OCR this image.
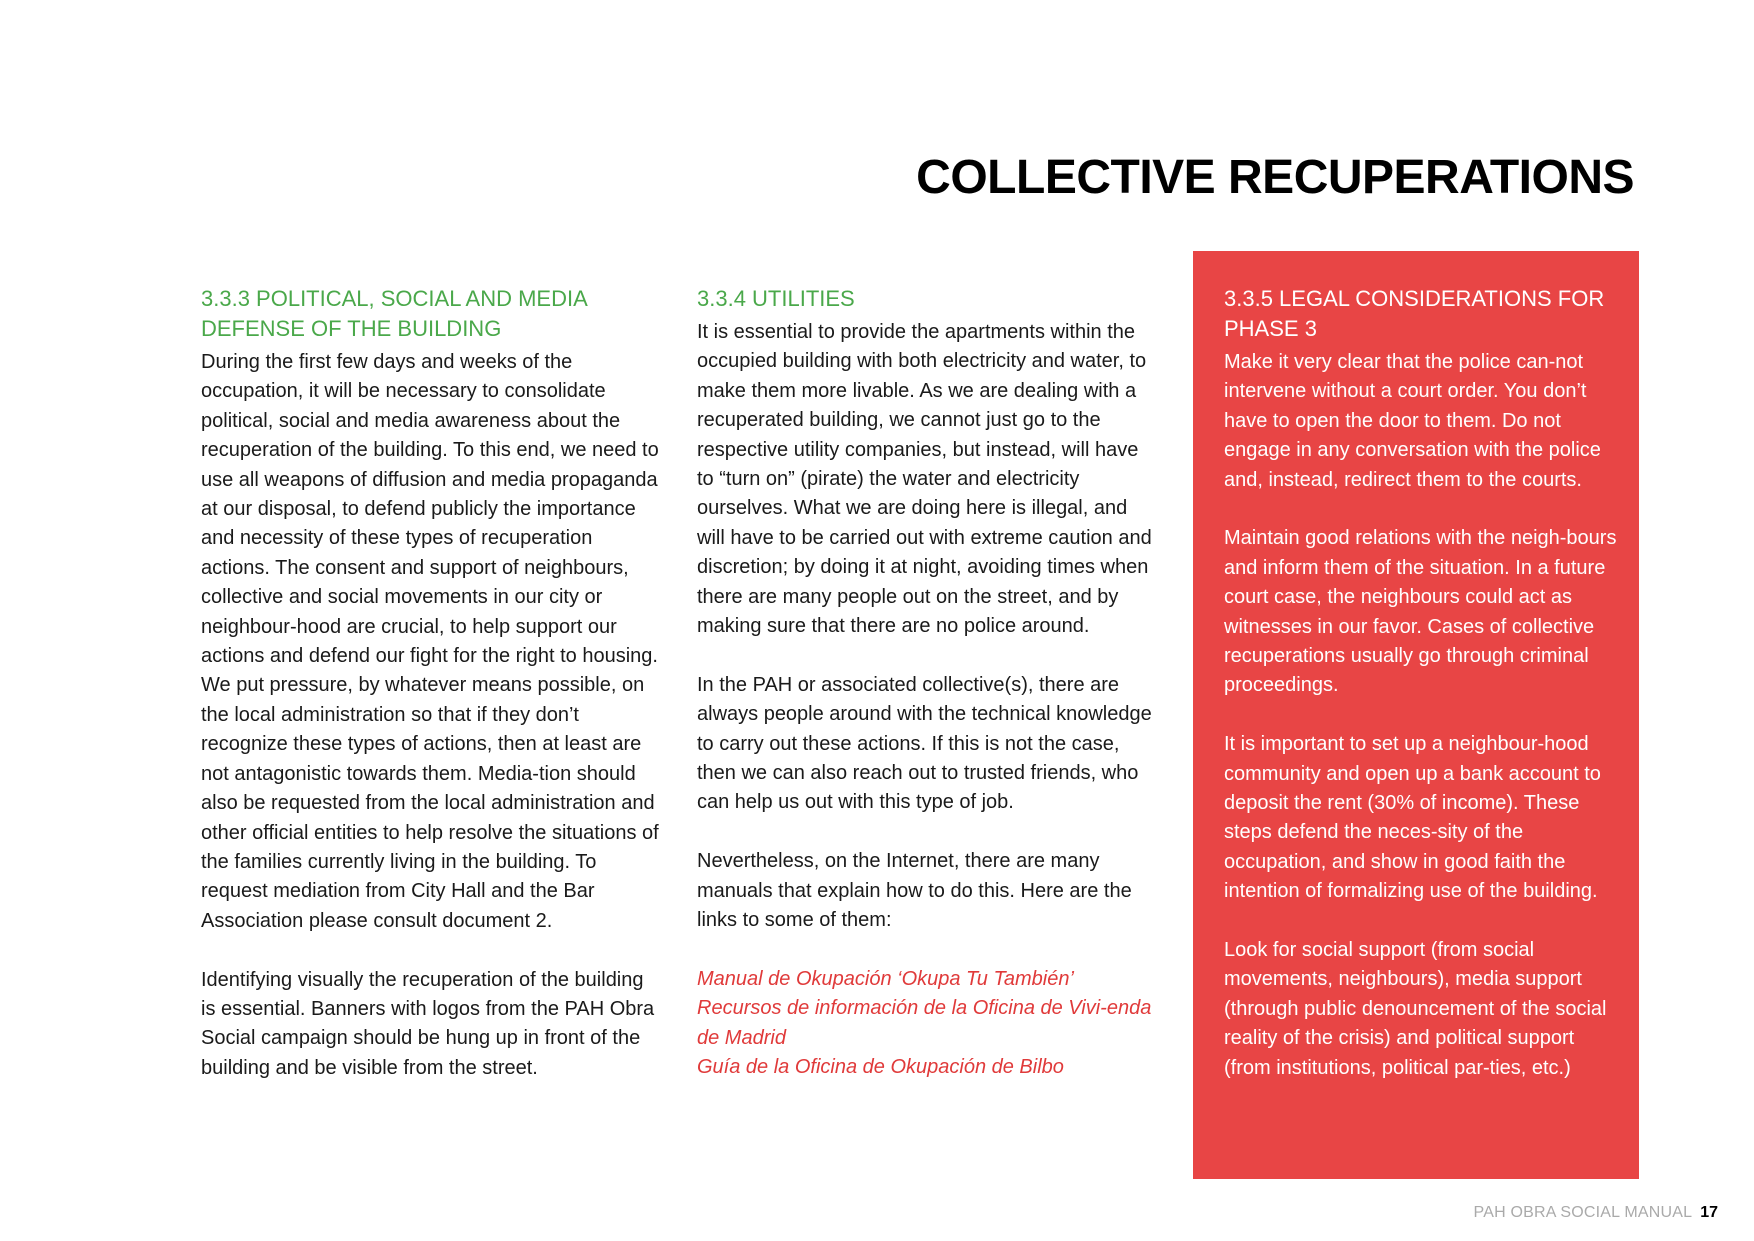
COLLECTIVE RECUPERATIONS
3.3.3 POLITICAL, SOCIAL AND MEDIA DEFENSE OF THE BUILDING

During the first few days and weeks of the occupation, it will be necessary to consolidate political, social and media awareness about the recuperation of the building. To this end, we need to use all weapons of diffusion and media propaganda at our disposal, to defend publicly the importance and necessity of these types of recuperation actions. The consent and support of neighbours, collective and social movements in our city or neighbour-hood are crucial, to help support our actions and defend our fight for the right to housing. We put pressure, by whatever means possible, on the local administration so that if they don’t recognize these types of actions, then at least are not antagonistic towards them. Media-tion should also be requested from the local administration and other official entities to help resolve the situations of the families currently living in the building. To request mediation from City Hall and the Bar Association please consult document 2.

Identifying visually the recuperation of the building is essential. Banners with logos from the PAH Obra Social campaign should be hung up in front of the building and be visible from the street.

3.3.4 UTILITIES

It is essential to provide the apartments within the occupied building with both electricity and water, to make them more livable. As we are dealing with a recuperated building, we cannot just go to the respective utility companies, but instead, will have to “turn on” (pirate) the water and electricity ourselves. What we are doing here is illegal, and will have to be carried out with extreme caution and discretion; by doing it at night, avoiding times when there are many people out on the street, and by making sure that there are no police around.

In the PAH or associated collective(s), there are always people around with the technical knowledge to carry out these actions. If this is not the case, then we can also reach out to trusted friends, who can help us out with this type of job.

Nevertheless, on the Internet, there are many manuals that explain how to do this. Here are the links to some of them:

Manual de Okupación ‘Okupa Tu También’

Recursos de información de la Oficina de Vivi-enda de Madrid

Guía de la Oficina de Okupación de Bilbo

3.3.5 LEGAL CONSIDERATIONS FOR PHASE 3

Make it very clear that the police can-not intervene without a court order. You don’t have to open the door to them. Do not engage in any conversation with the police and, instead, redirect them to the courts.

Maintain good relations with the neigh-bours and inform them of the situation. In a future court case, the neighbours could act as witnesses in our favor. Cases of collective recuperations usually go through criminal proceedings.

It is important to set up a neighbour-hood community and open up a bank account to deposit the rent (30% of income). These steps defend the neces-sity of the occupation, and show in good faith the intention of formalizing use of the building.

Look for social support (from social movements, neighbours), media support (through public denouncement of the social reality of the crisis) and political support (from institutions, political par-ties, etc.)

PAH OBRA SOCIAL MANUAL 17
